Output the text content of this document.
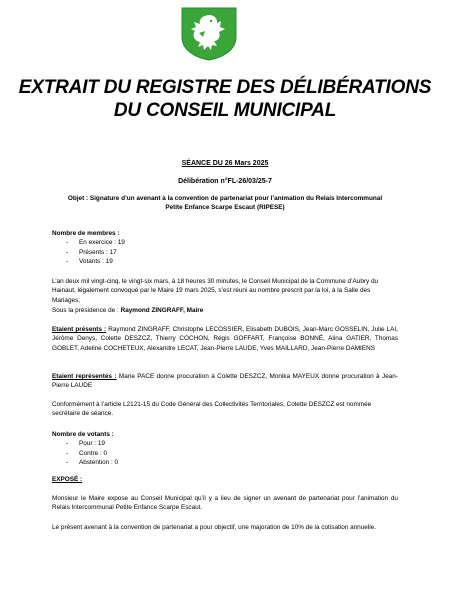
EXTRAIT DU REGISTRE DES DÉLIBÉRATIONS
DU CONSEIL MUNICIPAL
SÉANCE DU 26 Mars 2025
Délibération n°FL-26/03/25-7
Objet : Signature d’un avenant à la convention de partenariat pour l’animation du Relais Intercommunal Petite Enfance Scarpe Escaut (RIPESE)
Nombre de membres :
- En exercice : 19
- Présents : 17
- Votants : 19
L’an deux mil vingt-cinq, le vingt-six mars, à 18 heures 30 minutes, le Conseil Municipal de la Commune d’Aubry du Hainaut, légalement convoqué par le Maire 19 mars 2025, s’est réuni au nombre prescrit par la loi, à la Salle des Mariages;
Sous la présidence de : Raymond ZINGRAFF, Maire
Etaient présents : Raymond ZINGRAFF, Christophe LECOSSIER, Elisabeth DUBOIS, Jean-Marc GOSSELIN, Julie LAI, Jérôme Denys, Colette DESZCZ, Thierry COCHON, Régis GOFFART, Françoise BONNÉ, Alina GATIER, Thomas GOBLET, Adeline COCHETEUX, Alexandre LECAT, Jean-Pierre LAUDE, Yves MAILLARD, Jean-Pierre DAMIENS
Etaient représentés : Marie PACE donne procuration à Colette DESZCZ, Monika MAYEUX donne procuration à Jean-Pierre LAUDE
Conformément à l’article L2121-15 du Code Général des Collectivités Territoriales, Colette DESZCZ est nommée secrétaire de séance.
Nombre de votants :
- Pour : 19
- Contre : 0
- Abstention : 0
EXPOSÉ :
Monsieur le Maire expose au Conseil Municipal qu’il y a lieu de signer un avenant de partenariat pour l’animation du Relais Intercommunal Petite Enfance Scarpe Escaut.
Le présent avenant à la convention de partenariat a pour objectif, une majoration de 10% de la cotisation annuelle.
